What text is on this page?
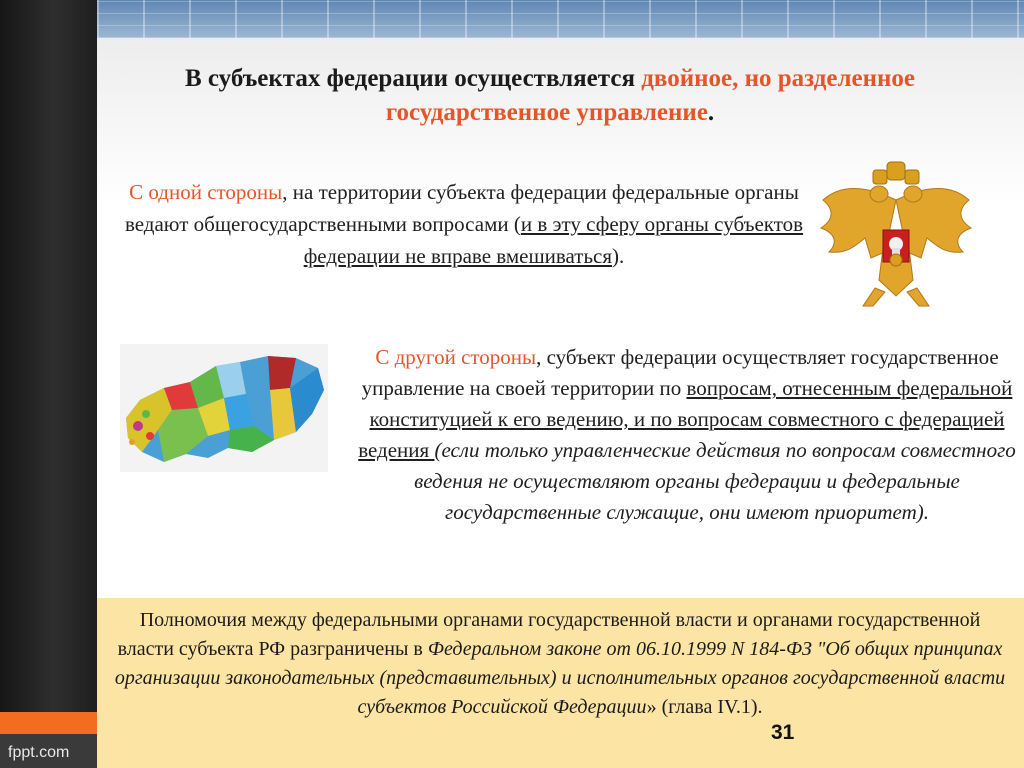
fppt.com
В субъектах федерации осуществляется двойное, но разделенное государственное управление.
С одной стороны, на территории субъекта федерации федеральные органы ведают общегосударственными вопросами (и в эту сферу органы субъектов федерации не вправе вмешиваться).
С другой стороны, субъект федерации осуществляет государственное управление на своей территории по вопросам, отнесенным федеральной конституцией к его ведению, и по вопросам совместного с федерацией ведения (если только управленческие действия по вопросам совместного ведения не осуществляют органы федерации и федеральные государственные служащие, они имеют приоритет).
Полномочия между федеральными органами государственной власти и органами государственной власти субъекта РФ разграничены в Федеральном законе от 06.10.1999 N 184-ФЗ "Об общих принципах организации законодательных (представительных) и исполнительных органов государственной власти субъектов Российской Федерации» (глава IV.1).
31
